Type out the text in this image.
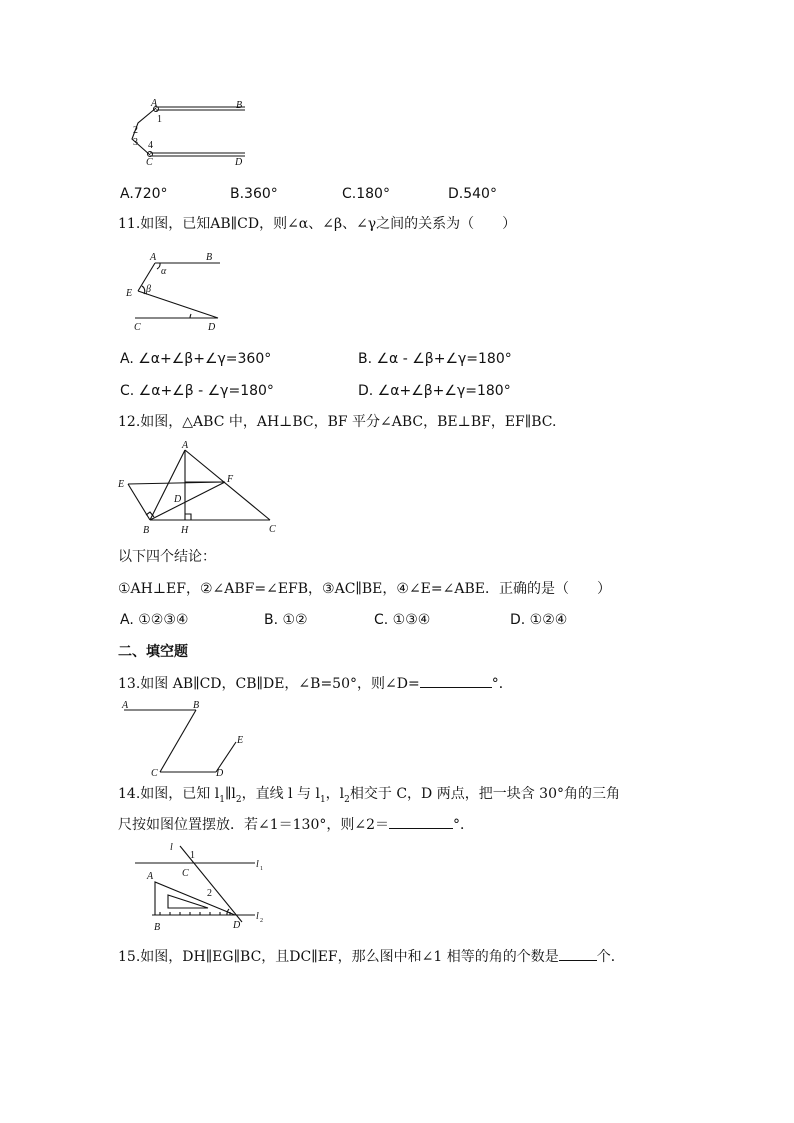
A	B
1
2
3 4
C	D
A.720°	B.360°	C.180°	D.540°
11.如图，已知AB∥CD，则∠α、∠β、∠γ之间的关系为（　　）
A	B
α
E β
C	D
A. ∠α+∠β+∠γ=360°	B. ∠α - ∠β+∠γ=180°
C. ∠α+∠β - ∠γ=180°	D. ∠α+∠β+∠γ=180°
12.如图，△ABC 中，AH⊥BC，BF 平分∠ABC，BE⊥BF，EF∥BC.
A
E	F
D
B	H	C
以下四个结论：
①AH⊥EF，②∠ABF=∠EFB，③AC∥BE，④∠E=∠ABE．正确的是（　　）
A. ①②③④	B. ①②	C. ①③④	D. ①②④
二、填空题
13.如图 AB∥CD，CB∥DE，∠B=50°，则∠D=	°．
A	B
C	D
E
14.如图，已知 $l_1\parallel l_2$，直线 l 与 $l_1$，$l_2$相交于 C，D 两点，把一块含 30°角的三角
尺按如图位置摆放．若∠1＝130°，则∠2＝	°．
l
1
l 1
C
A
2
B	D
l 2
15.如图，DH∥EG∥BC，且DC∥EF，那么图中和∠1 相等的角的个数是	个．
